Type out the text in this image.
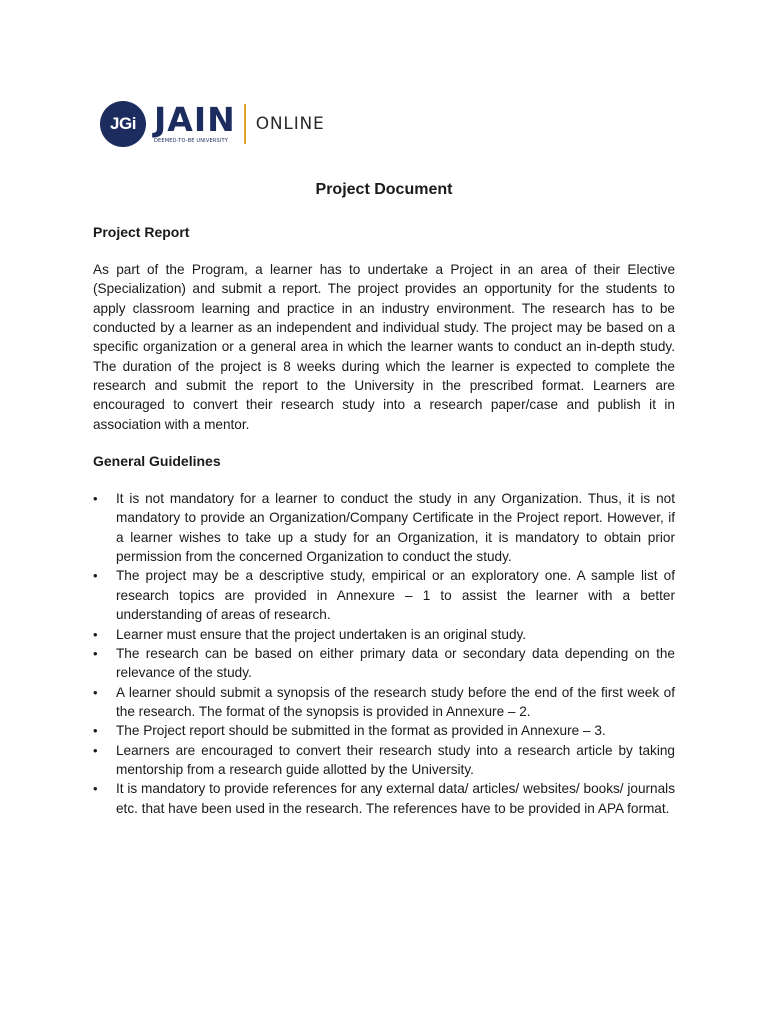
JGi JAIN
DEEMED-TO-BE UNIVERSITY
ONLINE
Project Document
Project Report

As part of the Program, a learner has to undertake a Project in an area of their Elective (Specialization) and submit a report. The project provides an opportunity for the students to apply classroom learning and practice in an industry environment. The research has to be conducted by a learner as an independent and individual study. The project may be based on a specific organization or a general area in which the learner wants to conduct an in-depth study. The duration of the project is 8 weeks during which the learner is expected to complete the research and submit the report to the University in the prescribed format. Learners are encouraged to convert their research study into a research paper/case and publish it in association with a mentor.

General Guidelines
• It is not mandatory for a learner to conduct the study in any Organization. Thus, it is not mandatory to provide an Organization/Company Certificate in the Project report. However, if a learner wishes to take up a study for an Organization, it is mandatory to obtain prior permission from the concerned Organization to conduct the study.
• The project may be a descriptive study, empirical or an exploratory one. A sample list of research topics are provided in Annexure – 1 to assist the learner with a better understanding of areas of research.
• Learner must ensure that the project undertaken is an original study.
• The research can be based on either primary data or secondary data depending on the relevance of the study.
• A learner should submit a synopsis of the research study before the end of the first week of the research. The format of the synopsis is provided in Annexure – 2.
• The Project report should be submitted in the format as provided in Annexure – 3.
• Learners are encouraged to convert their research study into a research article by taking mentorship from a research guide allotted by the University.
• It is mandatory to provide references for any external data/ articles/ websites/ books/ journals etc. that have been used in the research. The references have to be provided in APA format.
